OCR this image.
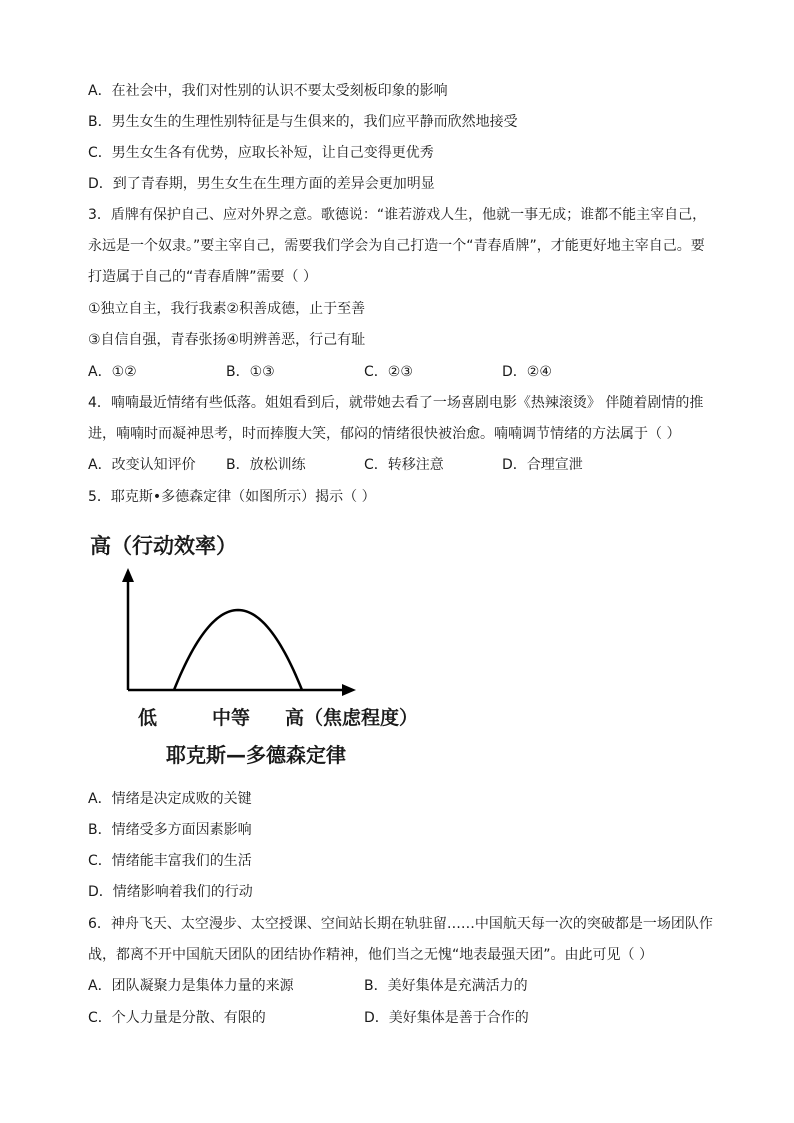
A．在社会中，我们对性别的认识不要太受刻板印象的影响
B．男生女生的生理性别特征是与生俱来的，我们应平静而欣然地接受
C．男生女生各有优势，应取长补短，让自己变得更优秀
D．到了青春期，男生女生在生理方面的差异会更加明显
3．盾牌有保护自己、应对外界之意。歌德说：“谁若游戏人生，他就一事无成；谁都不能主宰自己，
永远是一个奴隶。”要主宰自己，需要我们学会为自己打造一个“青春盾牌”，才能更好地主宰自己。要
打造属于自己的“青春盾牌”需要（ ）
①独立自主，我行我素②积善成德，止于至善
③自信自强，青春张扬④明辨善恶，行己有耻
A．①②	B．①③	C．②③	D．②④
4．喃喃最近情绪有些低落。姐姐看到后，就带她去看了一场喜剧电影《热辣滚烫》 伴随着剧情的推
进，喃喃时而凝神思考，时而捧腹大笑，郁闷的情绪很快被治愈。喃喃调节情绪的方法属于（ ）
A．改变认知评价 B．放松训练	C．转移注意	D．合理宣泄
5．耶克斯•多德森定律（如图所示）揭示（ ）
高（行动效率）
低	中等 高（焦虑程度）
耶克斯—多德森定律
A．情绪是决定成败的关键
B．情绪受多方面因素影响
C．情绪能丰富我们的生活
D．情绪影响着我们的行动
6．神舟飞天、太空漫步、太空授课、空间站长期在轨驻留……中国航天每一次的突破都是一场团队作
战，都离不开中国航天团队的团结协作精神，他们当之无愧“地表最强天团”。由此可见（ ）
A．团队凝聚力是集体力量的来源	B．美好集体是充满活力的
C．个人力量是分散、有限的	D．美好集体是善于合作的
